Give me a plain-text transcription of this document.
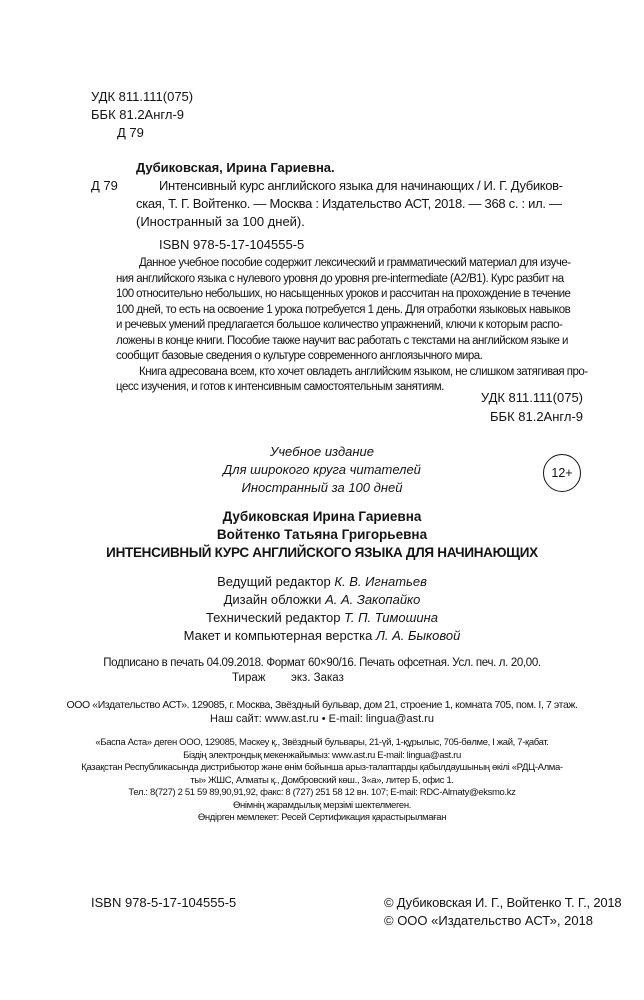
УДК 811.111(075)
ББК 81.2Англ-9
Д 79
Дубиковская, Ирина Гариевна.
Д 79	Интенсивный курс английского языка для начинающих / И. Г. Дубиков-
ская, Т. Г. Войтенко. — Москва : Издательство АСТ, 2018. — 368 с. : ил. —
(Иностранный за 100 дней).
ISBN 978-5-17-104555-5
Данное учебное пособие содержит лексический и грамматический материал для изуче-
ния английского языка с нулевого уровня до уровня pre-intermediate (A2/B1). Курс разбит на
100 относительно небольших, но насыщенных уроков и рассчитан на прохождение в течение
100 дней, то есть на освоение 1 урока потребуется 1 день. Для отработки языковых навыков
и речевых умений предлагается большое количество упражнений, ключи к которым распо-
ложены в конце книги. Пособие также научит вас работать с текстами на английском языке и
сообщит базовые сведения о культуре современного англоязычного мира.
Книга адресована всем, кто хочет овладеть английским языком, не слишком затягивая про-
цесс изучения, и готов к интенсивным самостоятельным занятиям.
УДК 811.111(075)
ББК 81.2Англ-9
Учебное издание
Для широкого круга читателей
Иностранный за 100 дней
12+
Дубиковская Ирина Гариевна
Войтенко Татьяна Григорьевна
ИНТЕНСИВНЫЙ КУРС АНГЛИЙСКОГО ЯЗЫКА ДЛЯ НАЧИНАЮЩИХ
Ведущий редактор К. В. Игнатьев
Дизайн обложки А. А. Закопайко
Технический редактор Т. П. Тимошина
Макет и компьютерная верстка Л. А. Быковой
Подписано в печать 04.09.2018. Формат 60×90/16. Печать офсетная. Усл. печ. л. 20,00.
Тираж        экз. Заказ
ООО «Издательство АСТ». 129085, г. Москва, Звёздный бульвар, дом 21, строение 1, комната 705, пом. I, 7 этаж.
Наш сайт: www.ast.ru • E-mail: lingua@ast.ru
«Баспа Аста» деген ООО, 129085, Мәскеу қ., Звёздный бульвары, 21-үй, 1-құрылыс, 705-бөлме, I жай, 7-қабат.
Біздің электрондық мекенжайымыз: www.ast.ru E-mail: lingua@ast.ru
Қазақстан Республикасында дистрибьютор және өнім бойынша арыз-талаптарды қабылдаушының өкілі «РДЦ-Алма-
ты» ЖШС, Алматы қ., Домбровский көш., 3«а», литер Б, офис 1.
Тел.: 8(727) 2 51 59 89,90,91,92, факс: 8 (727) 251 58 12 вн. 107; E-mail: RDC-Almaty@eksmo.kz
Өнімнің жарамдылық мерзімі шектелмеген.
Өндірген мемлекет: Ресей Сертификация қарастырылмаған
ISBN 978-5-17-104555-5	© Дубиковская И. Г., Войтенко Т. Г., 2018
© ООО «Издательство АСТ», 2018
